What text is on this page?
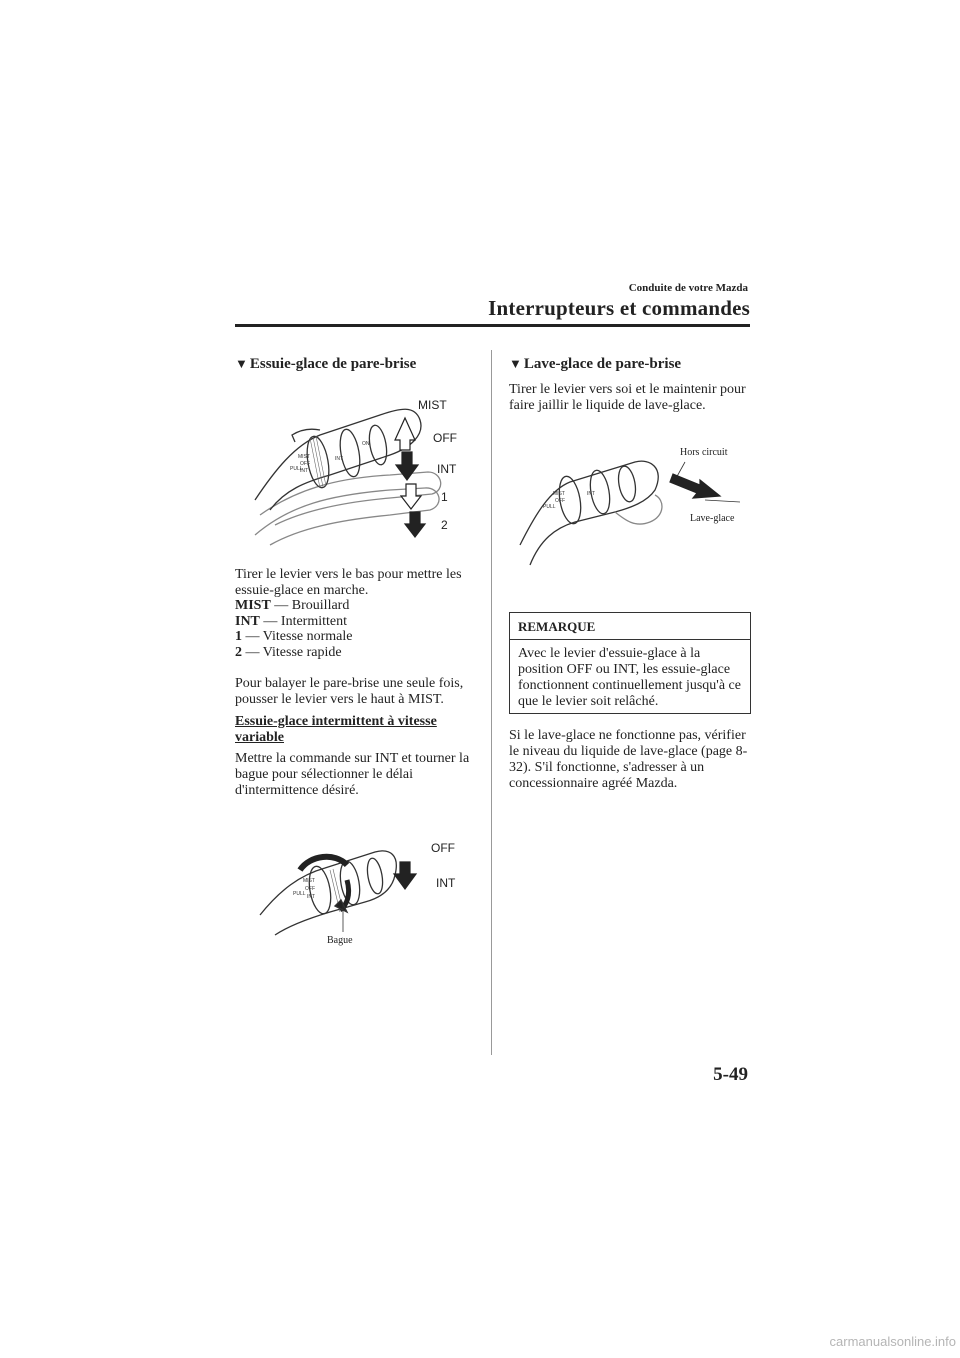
Conduite de votre Mazda
Interrupteurs et commandes
▼ Essuie-glace de pare-brise
PULL
MIST
OFF
INT
INT
ON
MIST
OFF
INT
1
2
Tirer le levier vers le bas pour mettre les essuie-glace en marche.
MIST ― Brouillard
INT — Intermittent
1 ― Vitesse normale
2 ― Vitesse rapide
Pour balayer le pare-brise une seule fois, pousser le levier vers le haut à MIST.
Essuie-glace intermittent à vitesse variable
Mettre la commande sur INT et tourner la bague pour sélectionner le délai d'intermittence désiré.
PULL
MIST
OFF
INT
OFF
INT
Bague
▼ Lave-glace de pare-brise
Tirer le levier vers soi et le maintenir pour faire jaillir le liquide de lave-glace.
PULL
MIST
OFF
INT
Hors circuit
Lave-glace
REMARQUE
Avec le levier d'essuie-glace à la position OFF ou INT, les essuie-glace fonctionnent continuellement jusqu'à ce que le levier soit relâché.
Si le lave-glace ne fonctionne pas, vérifier le niveau du liquide de lave-glace (page 8-32). S'il fonctionne, s'adresser à un concessionnaire agréé Mazda.
5-49
carmanualsonline.info
